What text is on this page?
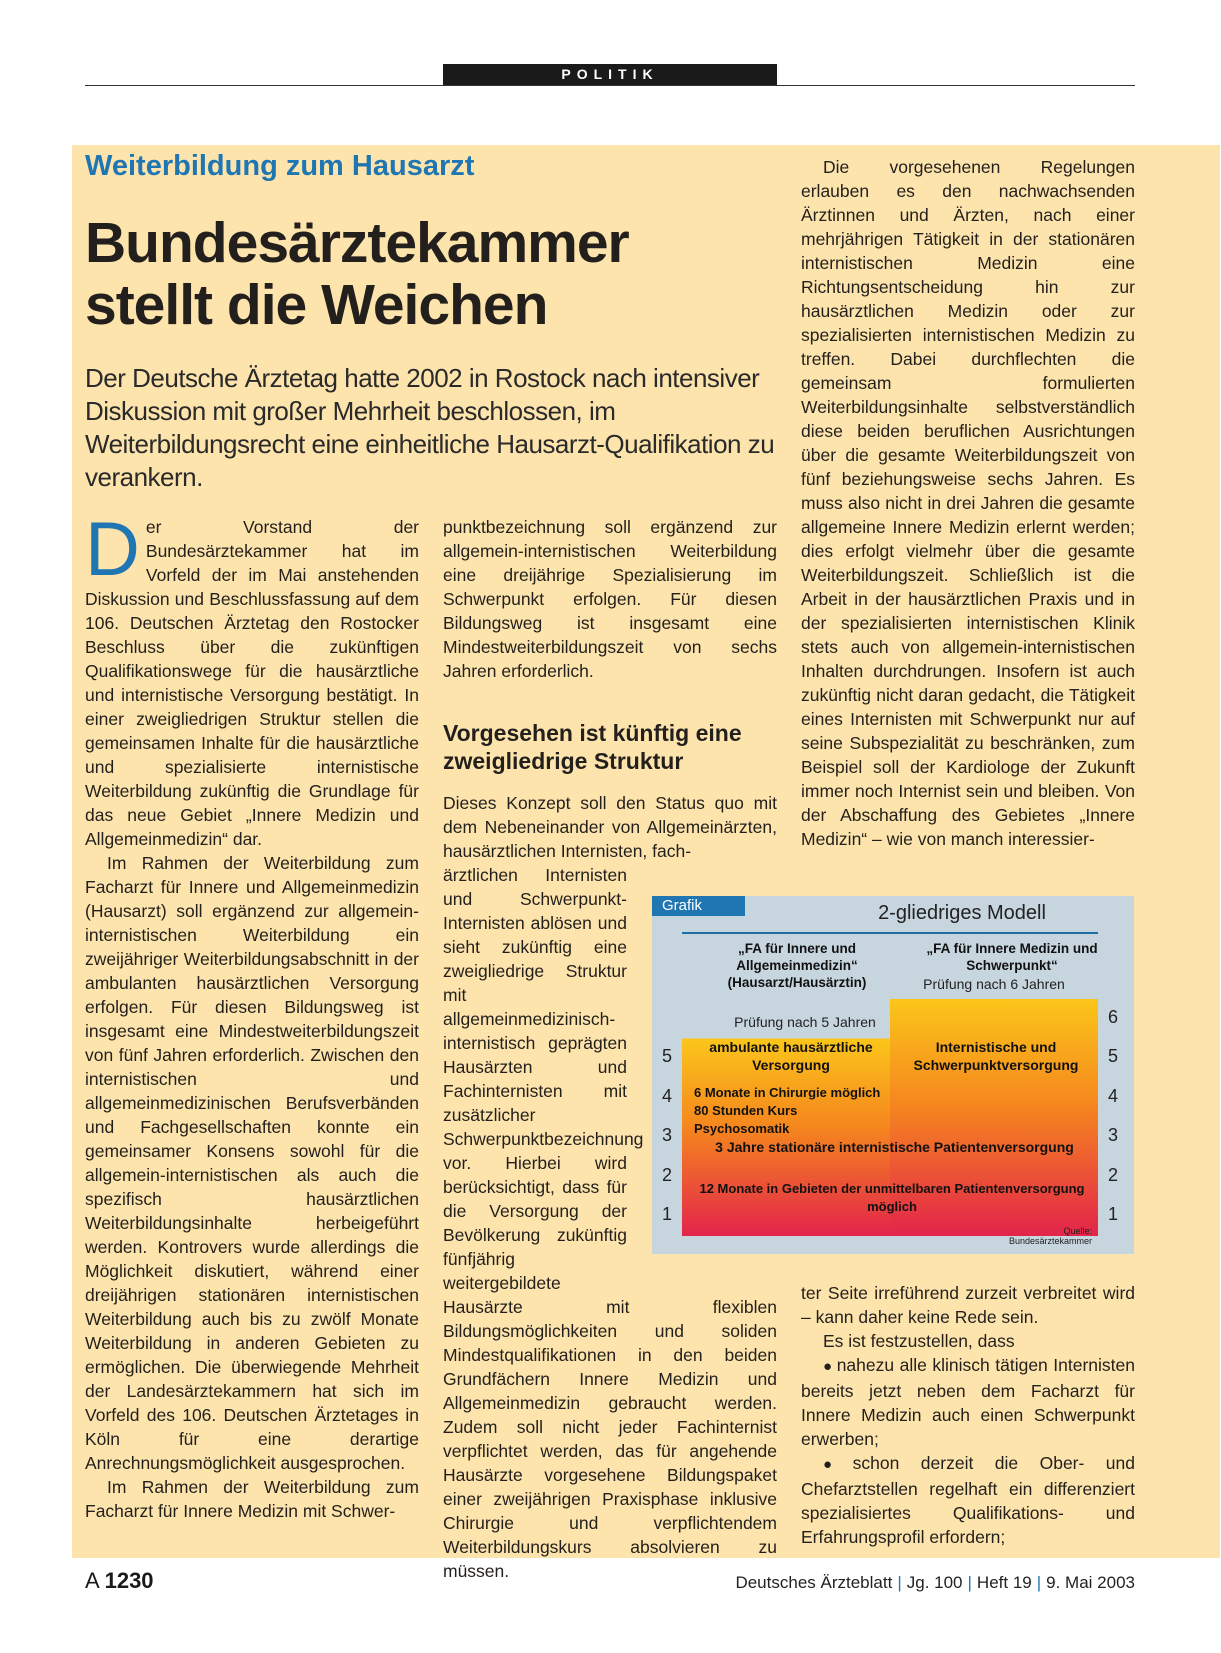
POLITIK
Weiterbildung zum Hausarzt
Bundesärztekammer
stellt die Weichen
Der Deutsche Ärztetag hatte 2002 in Rostock nach intensiver Diskussion mit großer Mehrheit beschlossen, im Weiterbildungsrecht eine einheitliche Hausarzt-Qualifikation zu verankern.

Der Vorstand der Bundesärztekammer hat im Vorfeld der im Mai anstehenden Diskussion und Beschlussfassung auf dem 106. Deutschen Ärztetag den Rostocker Beschluss über die zukünftigen Qualifikationswege für die hausärztliche und internistische Versorgung bestätigt. In einer zweigliedrigen Struktur stellen die gemeinsamen Inhalte für die hausärztliche und spezialisierte internistische Weiterbildung zukünftig die Grundlage für das neue Gebiet „Innere Medizin und Allgemeinmedizin“ dar.

Im Rahmen der Weiterbildung zum Facharzt für Innere und Allgemeinmedizin (Hausarzt) soll ergänzend zur allgemein-internistischen Weiterbildung ein zweijähriger Weiterbildungsabschnitt in der ambulanten hausärztlichen Versorgung erfolgen. Für diesen Bildungsweg ist insgesamt eine Mindestweiterbildungszeit von fünf Jahren erforderlich. Zwischen den internistischen und allgemeinmedizinischen Berufsverbänden und Fachgesellschaften konnte ein gemeinsamer Konsens sowohl für die allgemein-internistischen als auch die spezifisch hausärztlichen Weiterbildungsinhalte herbeigeführt werden. Kontrovers wurde allerdings die Möglichkeit diskutiert, während einer dreijährigen stationären internistischen Weiterbildung auch bis zu zwölf Monate Weiterbildung in anderen Gebieten zu ermöglichen. Die überwiegende Mehrheit der Landesärztekammern hat sich im Vorfeld des 106. Deutschen Ärztetages in Köln für eine derartige Anrechnungsmöglichkeit ausgesprochen.

Im Rahmen der Weiterbildung zum Facharzt für Innere Medizin mit Schwer-

punktbezeichnung soll ergänzend zur allgemein-internistischen Weiterbildung eine dreijährige Spezialisierung im Schwerpunkt erfolgen. Für diesen Bildungsweg ist insgesamt eine Mindestweiterbildungszeit von sechs Jahren erforderlich.

Vorgesehen ist künftig eine zweigliedrige Struktur

Dieses Konzept soll den Status quo mit dem Nebeneinander von Allgemeinärzten, hausärztlichen Internisten, fach-

ärztlichen Internisten und Schwerpunkt-Internisten ablösen und sieht zukünftig eine zweigliedrige Struktur mit allgemeinmedizinisch-internistisch geprägten Hausärzten und Fachinternisten mit zusätzlicher Schwerpunktbezeichnung vor. Hierbei wird berücksichtigt, dass für die Versorgung der Bevölkerung zukünftig fünfjährig weitergebildete

Hausärzte mit flexiblen Bildungsmöglichkeiten und soliden Mindestqualifikationen in den beiden Grundfächern Innere Medizin und Allgemeinmedizin gebraucht werden. Zudem soll nicht jeder Fachinternist verpflichtet werden, das für angehende Hausärzte vorgesehene Bildungspaket einer zweijährigen Praxisphase inklusive Chirurgie und verpflichtendem Weiterbildungskurs absolvieren zu müssen.

Die vorgesehenen Regelungen erlauben es den nachwachsenden Ärztinnen und Ärzten, nach einer mehrjährigen Tätigkeit in der stationären internistischen Medizin eine Richtungsentscheidung hin zur hausärztlichen Medizin oder zur spezialisierten internistischen Medizin zu treffen. Dabei durchflechten die gemeinsam formulierten Weiterbildungsinhalte selbstverständlich diese beiden beruflichen Ausrichtungen über die gesamte Weiterbildungszeit von fünf beziehungsweise sechs Jahren. Es muss also nicht in drei Jahren die gesamte allgemeine Innere Medizin erlernt werden; dies erfolgt vielmehr über die gesamte Weiterbildungszeit. Schließlich ist die Arbeit in der hausärztlichen Praxis und in der spezialisierten internistischen Klinik stets auch von allgemein-internistischen Inhalten durchdrungen. Insofern ist auch zukünftig nicht daran gedacht, die Tätigkeit eines Internisten mit Schwerpunkt nur auf seine Subspezialität zu beschränken, zum Beispiel soll der Kardiologe der Zukunft immer noch Internist sein und bleiben. Von der Abschaffung des Gebietes „Innere Medizin“ – wie von manch interessier-

ter Seite irreführend zurzeit verbreitet wird – kann daher keine Rede sein.

Es ist festzustellen, dass

● nahezu alle klinisch tätigen Internisten bereits jetzt neben dem Facharzt für Innere Medizin auch einen Schwerpunkt erwerben;

● schon derzeit die Ober- und Chefarztstellen regelhaft ein differenziert spezialisiertes Qualifikations- und Erfahrungsprofil erfordern;

Grafik	2-gliedriges Modell
„FA für Innere und Allgemeinmedizin“ (Hausarzt/Hausärztin)
„FA für Innere Medizin und Schwerpunkt“
Prüfung nach 5 Jahren
Prüfung nach 6 Jahren
1
2
3
4
5
1
2
3
4
5
6
ambulante hausärztliche Versorgung
Internistische und Schwerpunktversorgung
6 Monate in Chirurgie möglich 80 Stunden Kurs Psychosomatik
3 Jahre stationäre internistische Patientenversorgung
12 Monate in Gebieten der unmittelbaren Patientenversorgung möglich
Quelle: Bundesärztekammer
A 1230	Deutsches Ärzteblatt | Jg. 100 | Heft 19 | 9. Mai 2003
